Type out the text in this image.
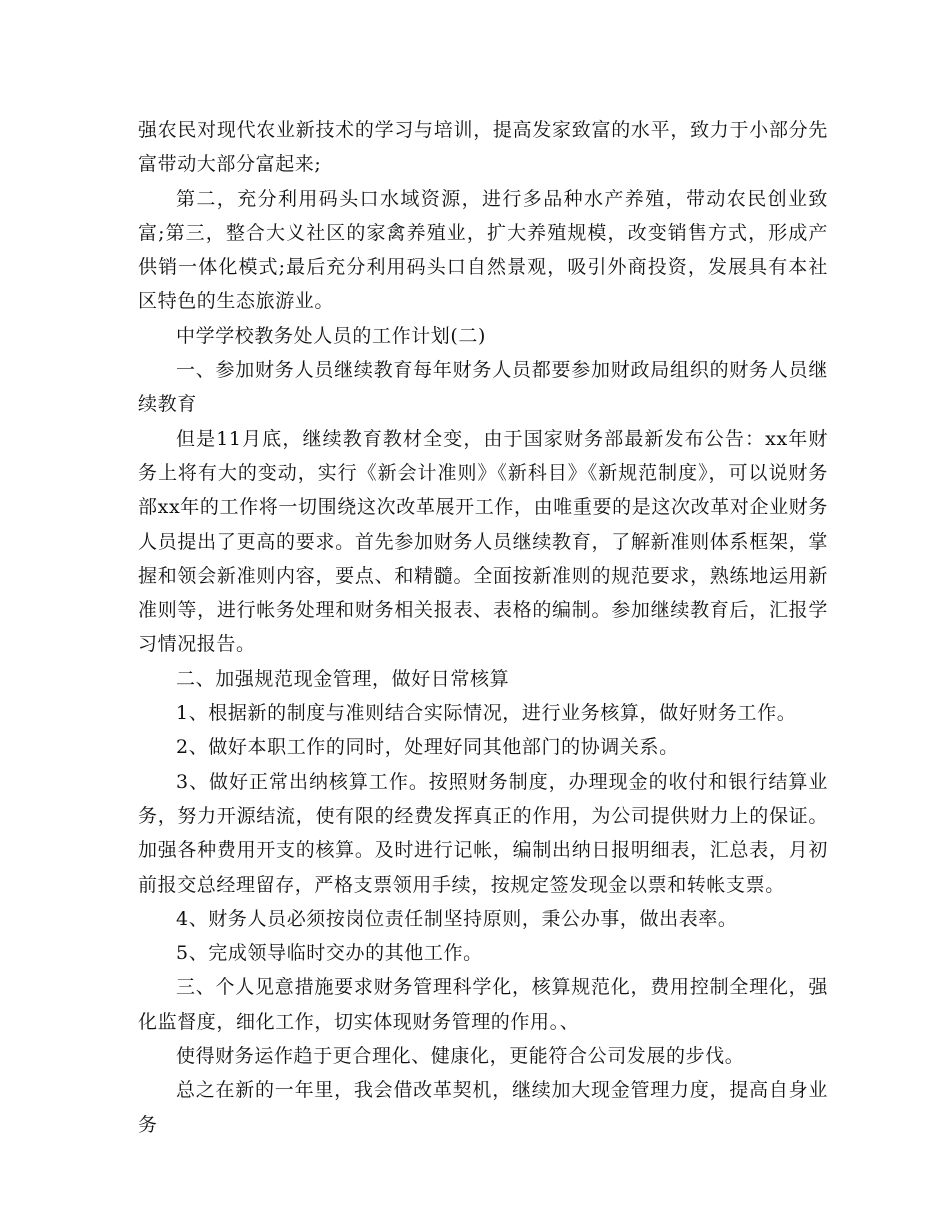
强农民对现代农业新技术的学习与培训，提高发家致富的水平，致力于小部分先富带动大部分富起来;

第二，充分利用码头口水域资源，进行多品种水产养殖，带动农民创业致富;第三，整合大义社区的家禽养殖业，扩大养殖规模，改变销售方式，形成产供销一体化模式;最后充分利用码头口自然景观，吸引外商投资，发展具有本社区特色的生态旅游业。

中学学校教务处人员的工作计划(二)

一、参加财务人员继续教育每年财务人员都要参加财政局组织的财务人员继续教育

但是11月底，继续教育教材全变，由于国家财务部最新发布公告：xx年财务上将有大的变动，实行《新会计准则》《新科目》《新规范制度》，可以说财务部xx年的工作将一切围绕这次改革展开工作，由唯重要的是这次改革对企业财务人员提出了更高的要求。首先参加财务人员继续教育，了解新准则体系框架，掌握和领会新准则内容，要点、和精髓。全面按新准则的规范要求，熟练地运用新准则等，进行帐务处理和财务相关报表、表格的编制。参加继续教育后，汇报学习情况报告。

二、加强规范现金管理，做好日常核算

1、根据新的制度与准则结合实际情况，进行业务核算，做好财务工作。

2、做好本职工作的同时，处理好同其他部门的协调关系。

3、做好正常出纳核算工作。按照财务制度，办理现金的收付和银行结算业务，努力开源结流，使有限的经费发挥真正的作用，为公司提供财力上的保证。加强各种费用开支的核算。及时进行记帐，编制出纳日报明细表，汇总表，月初前报交总经理留存，严格支票领用手续，按规定签发现金以票和转帐支票。

4、财务人员必须按岗位责任制坚持原则，秉公办事，做出表率。

5、完成领导临时交办的其他工作。

三、个人见意措施要求财务管理科学化，核算规范化，费用控制全理化，强化监督度，细化工作，切实体现财务管理的作用。、

使得财务运作趋于更合理化、健康化，更能符合公司发展的步伐。

总之在新的一年里，我会借改革契机，继续加大现金管理力度，提高自身业务
